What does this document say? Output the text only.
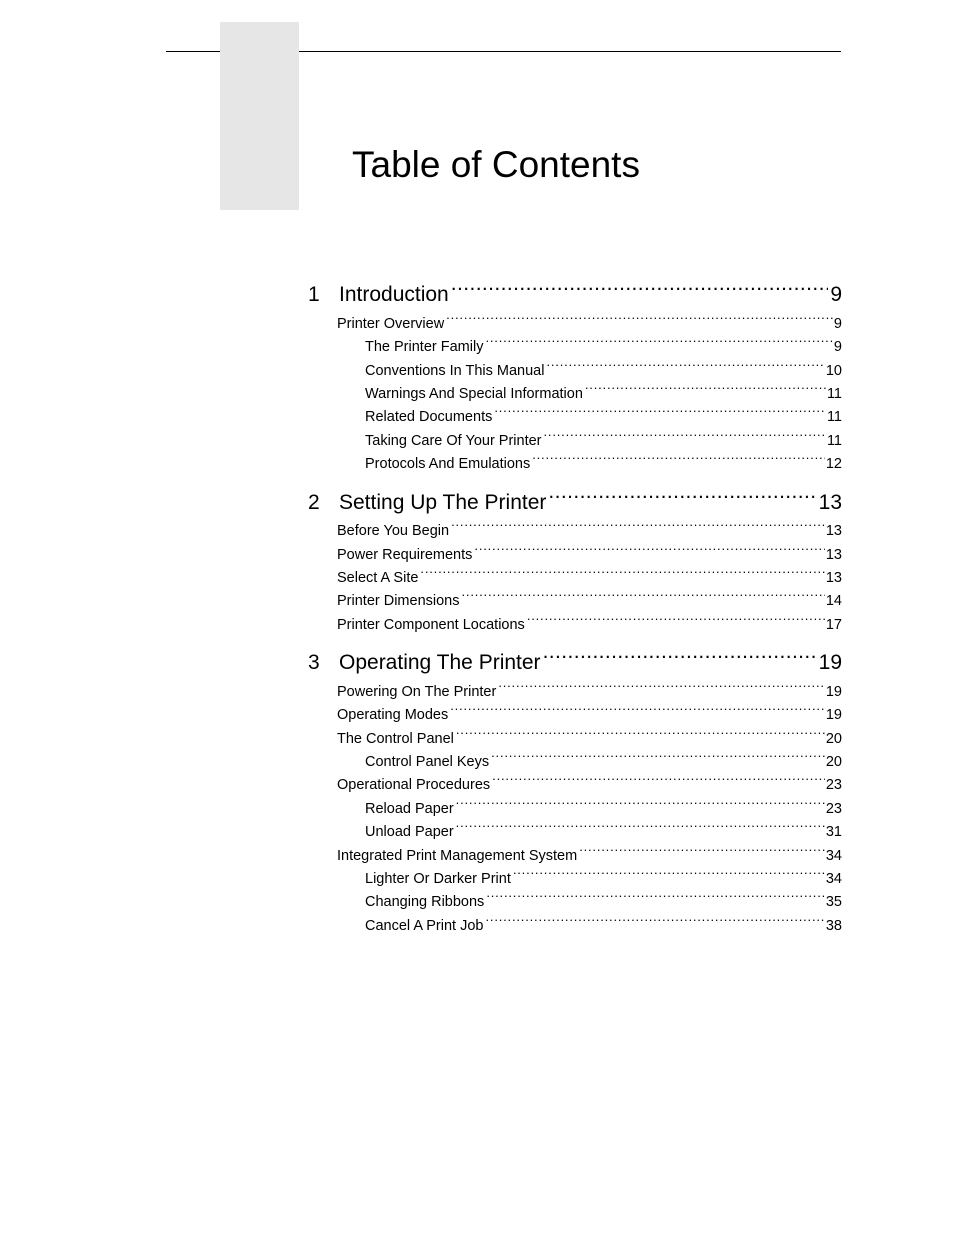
Table of Contents
1 Introduction .....	9
Printer Overview .....	9
The Printer Family .....	9
Conventions In This Manual .....	10
Warnings And Special Information .....	11
Related Documents .....	11
Taking Care Of Your Printer .....	11
Protocols And Emulations .....	12
2 Setting Up The Printer .....	13
Before You Begin .....	13
Power Requirements .....	13
Select A Site .....	13
Printer Dimensions .....	14
Printer Component Locations .....	17
3 Operating The Printer .....	19
Powering On The Printer .....	19
Operating Modes .....	19
The Control Panel .....	20
Control Panel Keys .....	20
Operational Procedures .....	23
Reload Paper .....	23
Unload Paper .....	31
Integrated Print Management System .....	34
Lighter Or Darker Print .....	34
Changing Ribbons .....	35
Cancel A Print Job .....	38
